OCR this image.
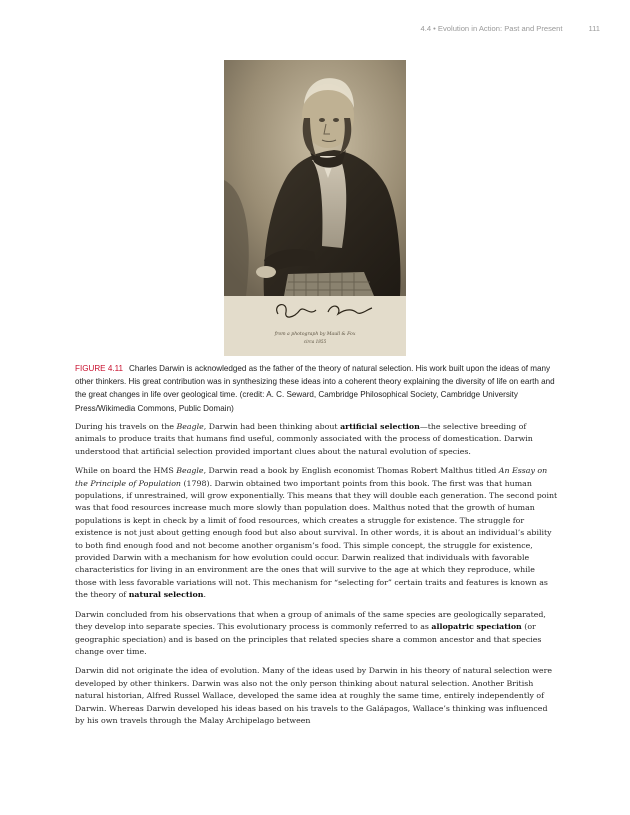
4.4 • Evolution in Action: Past and Present	111
from a photograph by Maull & Fox
circa 1855

FIGURE 4.11 Charles Darwin is acknowledged as the father of the theory of natural selection. His work built upon the ideas of many other thinkers. His great contribution was in synthesizing these ideas into a coherent theory explaining the diversity of life on earth and the great changes in life over geological time. (credit: A. C. Seward, Cambridge Philosophical Society, Cambridge University Press/Wikimedia Commons, Public Domain)

During his travels on the Beagle, Darwin had been thinking about artificial selection—the selective breeding of animals to produce traits that humans find useful, commonly associated with the process of domestication. Darwin understood that artificial selection provided important clues about the natural evolution of species.

While on board the HMS Beagle, Darwin read a book by English economist Thomas Robert Malthus titled An Essay on the Principle of Population (1798). Darwin obtained two important points from this book. The first was that human populations, if unrestrained, will grow exponentially. This means that they will double each generation. The second point was that food resources increase much more slowly than population does. Malthus noted that the growth of human populations is kept in check by a limit of food resources, which creates a struggle for existence. The struggle for existence is not just about getting enough food but also about survival. In other words, it is about an individual’s ability to both find enough food and not become another organism’s food. This simple concept, the struggle for existence, provided Darwin with a mechanism for how evolution could occur. Darwin realized that individuals with favorable characteristics for living in an environment are the ones that will survive to the age at which they reproduce, while those with less favorable variations will not. This mechanism for “selecting for” certain traits and features is known as the theory of natural selection.

Darwin concluded from his observations that when a group of animals of the same species are geologically separated, they develop into separate species. This evolutionary process is commonly referred to as allopatric speciation (or geographic speciation) and is based on the principles that related species share a common ancestor and that species change over time.

Darwin did not originate the idea of evolution. Many of the ideas used by Darwin in his theory of natural selection were developed by other thinkers. Darwin was also not the only person thinking about natural selection. Another British natural historian, Alfred Russel Wallace, developed the same idea at roughly the same time, entirely independently of Darwin. Whereas Darwin developed his ideas based on his travels to the Galápagos, Wallace’s thinking was influenced by his own travels through the Malay Archipelago between
